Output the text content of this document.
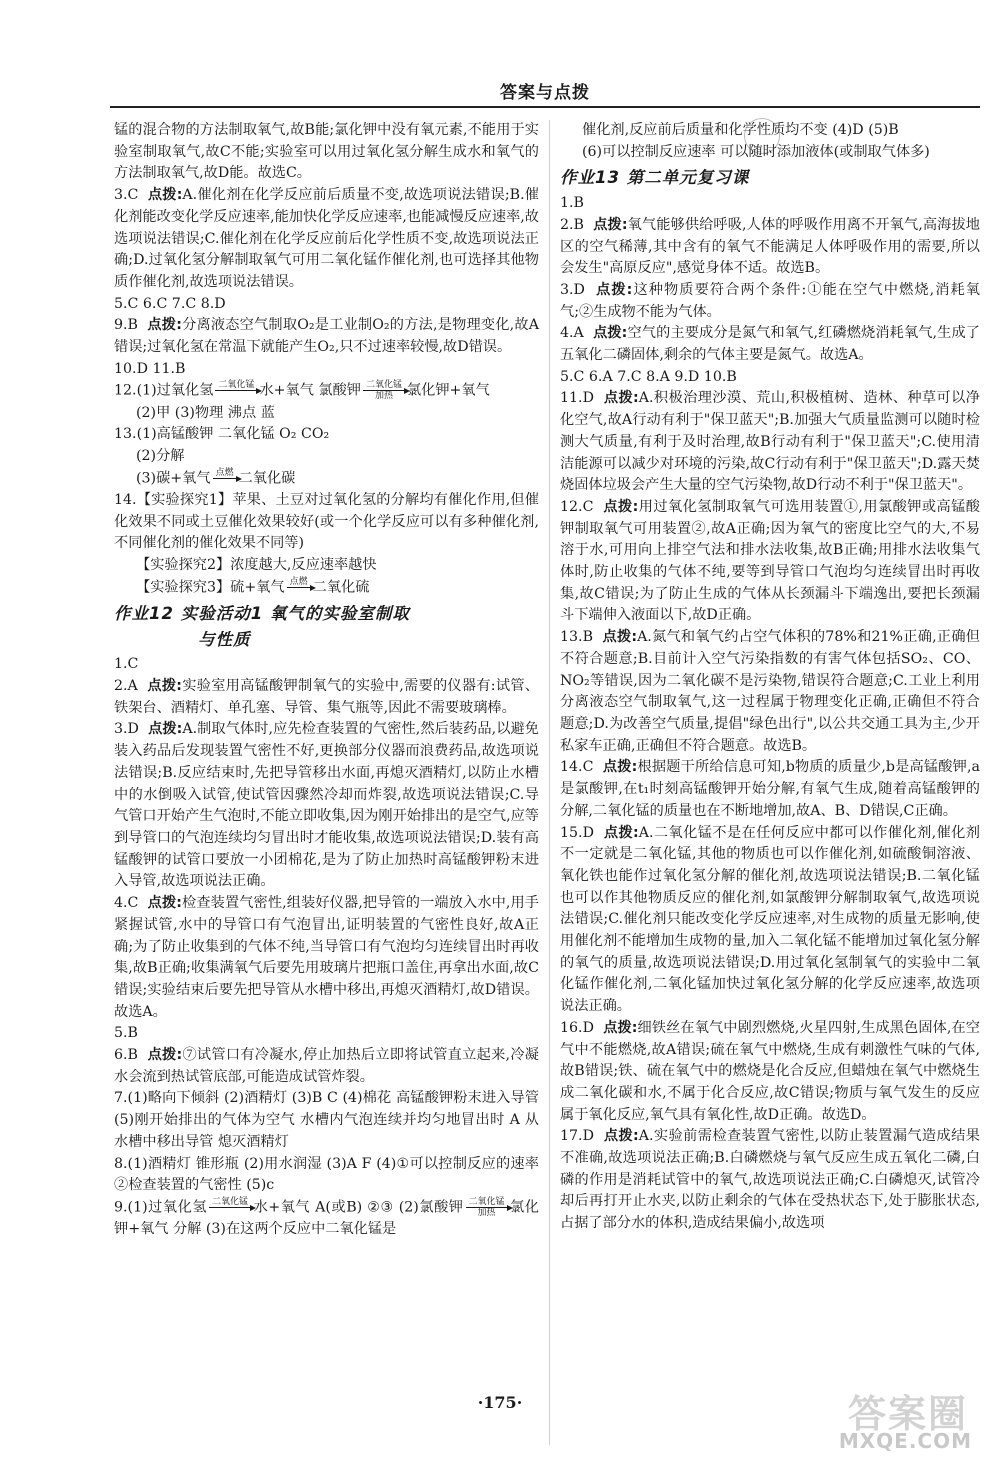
答案与点拨

锰的混合物的方法制取氧气,故B能;氯化钾中没有氧元素,不能用于实验室制取氧气,故C不能;实验室可以用过氧化氢分解生成水和氧气的方法制取氧气,故D能。故选C。

3.C 点拨:A.催化剂在化学反应前后质量不变,故选项说法错误;B.催化剂能改变化学反应速率,能加快化学反应速率,也能减慢反应速率,故选项说法错误;C.催化剂在化学反应前后化学性质不变,故选项说法正确;D.过氧化氢分解制取氧气可用二氧化锰作催化剂,也可选择其他物质作催化剂,故选项说法错误。

5.C 6.C 7.C 8.D

9.B 点拨:分离液态空气制取O₂是工业制O₂的方法,是物理变化,故A错误;过氧化氢在常温下就能产生O₂,只不过速率较慢,故D错误。

10.D 11.B

12.(1)过氧化氢 二氧化锰 水+氧气 氯酸钾 二氧化锰
加热 氯化钾+氧气

(2)甲 (3)物理 沸点 蓝

13.(1)高锰酸钾 二氧化锰 O₂ CO₂

(2)分解

(3)碳+氧气 点燃 二氧化碳

14.【实验探究1】苹果、土豆对过氧化氢的分解均有催化作用,但催化效果不同或土豆催化效果较好(或一个化学反应可以有多种催化剂,不同催化剂的催化效果不同等)

【实验探究2】浓度越大,反应速率越快

【实验探究3】硫+氧气 点燃 二氧化硫

作业12 实验活动1 氧气的实验室制取
与性质

1.C

2.A 点拨:实验室用高锰酸钾制氧气的实验中,需要的仪器有:试管、铁架台、酒精灯、单孔塞、导管、集气瓶等,因此不需要玻璃棒。

3.D 点拨:A.制取气体时,应先检查装置的气密性,然后装药品,以避免装入药品后发现装置气密性不好,更换部分仪器而浪费药品,故选项说法错误;B.反应结束时,先把导管移出水面,再熄灭酒精灯,以防止水槽中的水倒吸入试管,使试管因骤然冷却而炸裂,故选项说法错误;C.导气管口开始产生气泡时,不能立即收集,因为刚开始排出的是空气,应等到导管口的气泡连续均匀冒出时才能收集,故选项说法错误;D.装有高锰酸钾的试管口要放一小团棉花,是为了防止加热时高锰酸钾粉末进入导管,故选项说法正确。

4.C 点拨:检查装置气密性,组装好仪器,把导管的一端放入水中,用手紧握试管,水中的导管口有气泡冒出,证明装置的气密性良好,故A正确;为了防止收集到的气体不纯,当导管口有气泡均匀连续冒出时再收集,故B正确;收集满氧气后要先用玻璃片把瓶口盖住,再拿出水面,故C错误;实验结束后要先把导管从水槽中移出,再熄灭酒精灯,故D错误。故选A。

5.B

6.B 点拨:⑦试管口有冷凝水,停止加热后立即将试管直立起来,冷凝水会流到热试管底部,可能造成试管炸裂。

7.(1)略向下倾斜 (2)酒精灯 (3)B C (4)棉花 高锰酸钾粉末进入导管 (5)刚开始排出的气体为空气 水槽内气泡连续并均匀地冒出时 A 从水槽中移出导管 熄灭酒精灯

8.(1)酒精灯 锥形瓶 (2)用水润湿 (3)A F (4)①可以控制反应的速率 ②检查装置的气密性 (5)c

9.(1)过氧化氢 二氧化锰 水+氧气 A(或B) ②③ (2)氯酸钾 二氧化锰
加热 氯化钾+氧气 分解 (3)在这两个反应中二氧化锰是

催化剂,反应前后质量和化学性质均不变 (4)D (5)B

(6)可以控制反应速率 可以随时添加液体(或制取气体多)

作业13 第二单元复习课

1.B

2.B 点拨:氧气能够供给呼吸,人体的呼吸作用离不开氧气,高海拔地区的空气稀薄,其中含有的氧气不能满足人体呼吸作用的需要,所以会发生"高原反应",感觉身体不适。故选B。

3.D 点拨:这种物质要符合两个条件:①能在空气中燃烧,消耗氧气;②生成物不能为气体。

4.A 点拨:空气的主要成分是氮气和氧气,红磷燃烧消耗氧气,生成了五氧化二磷固体,剩余的气体主要是氮气。故选A。

5.C 6.A 7.C 8.A 9.D 10.B

11.D 点拨:A.积极治理沙漠、荒山,积极植树、造林、种草可以净化空气,故A行动有利于"保卫蓝天";B.加强大气质量监测可以随时检测大气质量,有利于及时治理,故B行动有利于"保卫蓝天";C.使用清洁能源可以减少对环境的污染,故C行动有利于"保卫蓝天";D.露天焚烧固体垃圾会产生大量的空气污染物,故D行动不利于"保卫蓝天"。

12.C 点拨:用过氧化氢制取氧气可选用装置①,用氯酸钾或高锰酸钾制取氧气可用装置②,故A正确;因为氧气的密度比空气的大,不易溶于水,可用向上排空气法和排水法收集,故B正确;用排水法收集气体时,防止收集的气体不纯,要等到导管口气泡均匀连续冒出时再收集,故C错误;为了防止生成的气体从长颈漏斗下端逸出,要把长颈漏斗下端伸入液面以下,故D正确。

13.B 点拨:A.氮气和氧气约占空气体积的78%和21%正确,正确但不符合题意;B.目前计入空气污染指数的有害气体包括SO₂、CO、NO₂等错误,因为二氧化碳不是污染物,错误符合题意;C.工业上利用分离液态空气制取氧气,这一过程属于物理变化正确,正确但不符合题意;D.为改善空气质量,提倡"绿色出行",以公共交通工具为主,少开私家车正确,正确但不符合题意。故选B。

14.C 点拨:根据题干所给信息可知,b物质的质量少,b是高锰酸钾,a是氯酸钾,在t₁时刻高锰酸钾开始分解,有氧气生成,随着高锰酸钾的分解,二氧化锰的质量也在不断地增加,故A、B、D错误,C正确。

15.D 点拨:A.二氧化锰不是在任何反应中都可以作催化剂,催化剂不一定就是二氧化锰,其他的物质也可以作催化剂,如硫酸铜溶液、氧化铁也能作过氧化氢分解的催化剂,故选项说法错误;B.二氧化锰也可以作其他物质反应的催化剂,如氯酸钾分解制取氧气,故选项说法错误;C.催化剂只能改变化学反应速率,对生成物的质量无影响,使用催化剂不能增加生成物的量,加入二氧化锰不能增加过氧化氢分解的氧气的质量,故选项说法错误;D.用过氧化氢制氧气的实验中二氧化锰作催化剂,二氧化锰加快过氧化氢分解的化学反应速率,故选项说法正确。

16.D 点拨:细铁丝在氧气中剧烈燃烧,火星四射,生成黑色固体,在空气中不能燃烧,故A错误;硫在氧气中燃烧,生成有刺激性气味的气体,故B错误;铁、硫在氧气中的燃烧是化合反应,但蜡烛在氧气中燃烧生成二氧化碳和水,不属于化合反应,故C错误;物质与氧气发生的反应属于氧化反应,氧气具有氧化性,故D正确。故选D。

17.D 点拨:A.实验前需检查装置气密性,以防止装置漏气造成结果不准确,故选项说法正确;B.白磷燃烧与氧气反应生成五氧化二磷,白磷的作用是消耗试管中的氧气,故选项说法正确;C.白磷熄灭,试管冷却后再打开止水夹,以防止剩余的气体在受热状态下,处于膨胀状态,占据了部分水的体积,造成结果偏小,故选项

·175·	答案圈
MXQE.COM
